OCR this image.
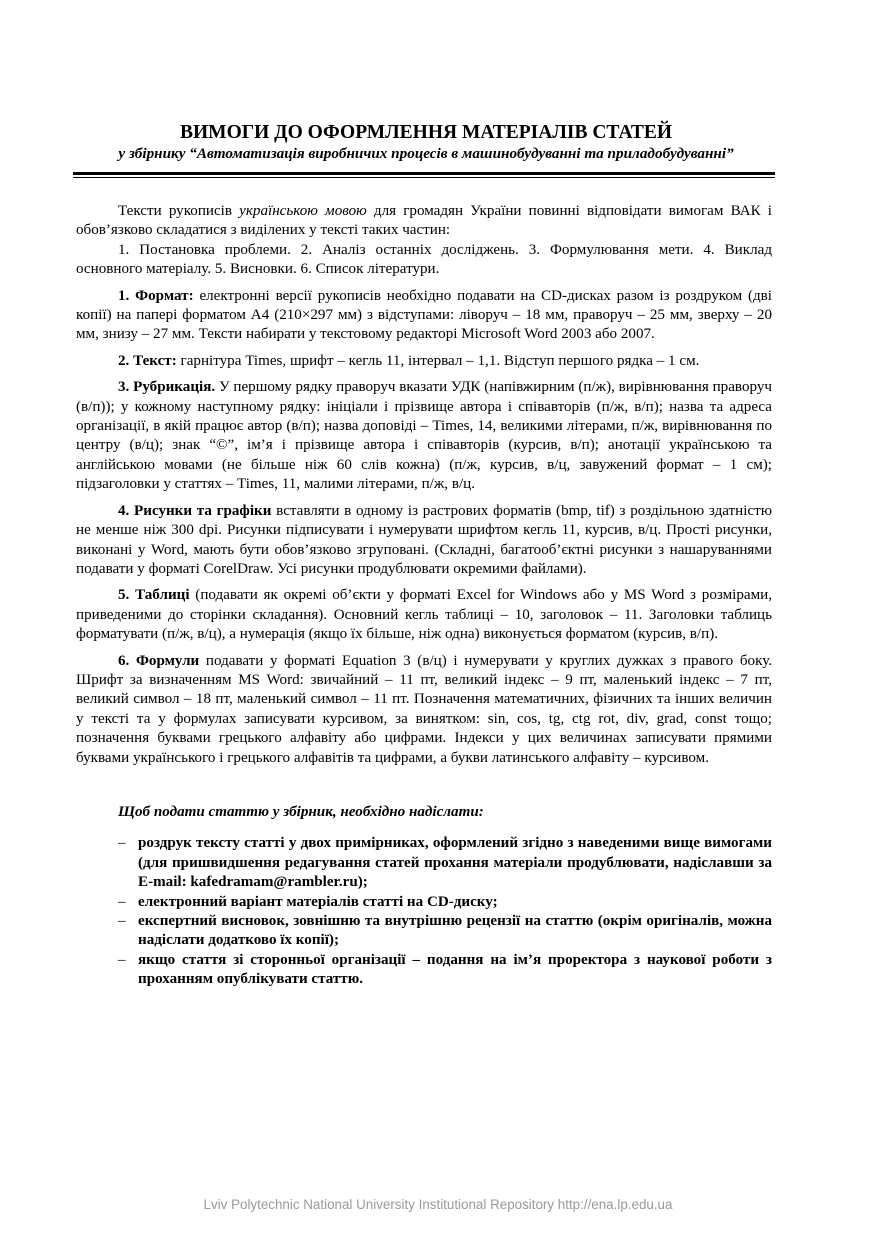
ВИМОГИ ДО ОФОРМЛЕННЯ МАТЕРІАЛІВ СТАТЕЙ
у збірнику “Автоматизація виробничих процесів в машинобудуванні та приладобудуванні”

Тексти рукописів українською мовою для громадян України повинні відповідати вимогам ВАК і обов’язково складатися з виділених у тексті таких частин:

1. Постановка проблеми. 2. Аналіз останніх досліджень. 3. Формулювання мети. 4. Виклад основного матеріалу. 5. Висновки. 6. Список літератури.

1. Формат: електронні версії рукописів необхідно подавати на CD-дисках разом із роздруком (дві копії) на папері форматом А4 (210×297 мм) з відступами: ліворуч – 18 мм, праворуч – 25 мм, зверху – 20 мм, знизу – 27 мм. Тексти набирати у текстовому редакторі Microsoft Word 2003 або 2007.

2. Текст: гарнітура Times, шрифт – кегль 11, інтервал – 1,1. Відступ першого рядка – 1 см.

3. Рубрикація. У першому рядку праворуч вказати УДК (напівжирним (п/ж), вирівнювання праворуч (в/п)); у кожному наступному рядку: ініціали і прізвище автора і співавторів (п/ж, в/п); назва та адреса організації, в якій працює автор (в/п); назва доповіді – Times, 14, великими літерами, п/ж, вирівнювання по центру (в/ц); знак “©”, ім’я і прізвище автора і співавторів (курсив, в/п); анотації українською та англійською мовами (не більше ніж 60 слів кожна) (п/ж, курсив, в/ц, завужений формат – 1 см); підзаголовки у статтях – Times, 11, малими літерами, п/ж, в/ц.

4. Рисунки та графіки вставляти в одному із растрових форматів (bmp, tif) з роздільною здатністю не менше ніж 300 dpi. Рисунки підписувати і нумерувати шрифтом кегль 11, курсив, в/ц. Прості рисунки, виконані у Word, мають бути обов’язково згруповані. (Складні, багатооб’єктні рисунки з нашаруваннями подавати у форматі CorelDraw. Усі рисунки продублювати окремими файлами).

5. Таблиці (подавати як окремі об’єкти у форматі Excel for Windows або у MS Word з розмірами, приведеними до сторінки складання). Основний кегль таблиці – 10, заголовок – 11. Заголовки таблиць форматувати (п/ж, в/ц), а нумерація (якщо їх більше, ніж одна) виконується форматом (курсив, в/п).

6. Формули подавати у форматі Equation 3 (в/ц) і нумерувати у круглих дужках з правого боку. Шрифт за визначенням MS Word: звичайний – 11 пт, великий індекс – 9 пт, маленький індекс – 7 пт, великий символ – 18 пт, маленький символ – 11 пт. Позначення математичних, фізичних та інших величин у тексті та у формулах записувати курсивом, за винятком: sin, cos, tg, ctg rot, div, grad, const тощо; позначення буквами грецького алфавіту або цифрами. Індекси у цих величинах записувати прямими буквами українського і грецького алфавітів та цифрами, а букви латинського алфавіту – курсивом.

Щоб подати статтю у збірник, необхідно надіслати:

– роздрук тексту статті у двох примірниках, оформлений згідно з наведеними вище вимогами (для пришвидшення редагування статей прохання матеріали продублювати, надіславши за E-mail: kafedramam@rambler.ru);
– електронний варіант матеріалів статті на CD-диску;
– експертний висновок, зовнішню та внутрішню рецензії на статтю (окрім оригіналів, можна надіслати додатково їх копії);
– якщо стаття зі сторонньої організації – подання на ім’я проректора з наукової роботи з проханням опублікувати статтю.
Lviv Polytechnic National University Institutional Repository http://ena.lp.edu.ua
